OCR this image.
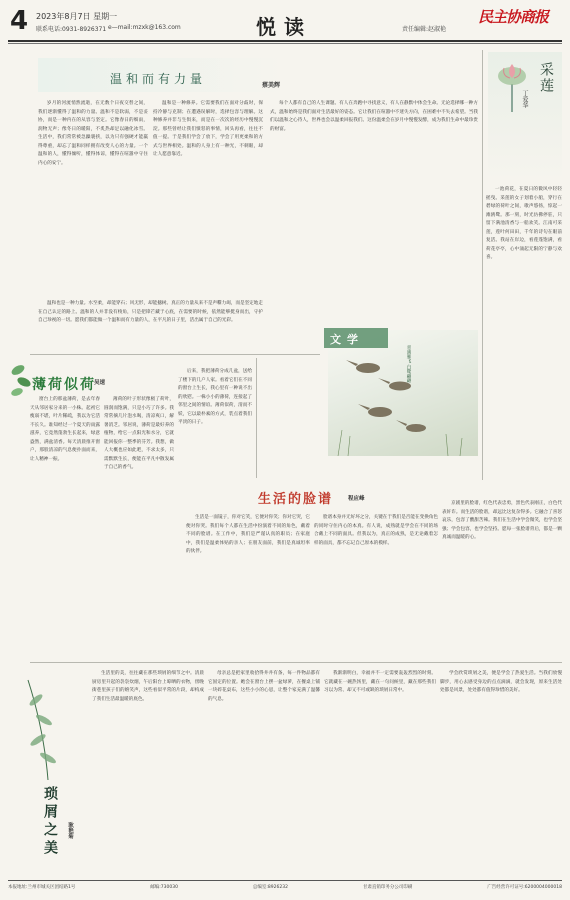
4 2023年8月7日 星期一
联系电话:0931-8926371 e—mail:mzxk@163.com	悦读	责任编辑:赵淑艳
民主协商报
温和而有力量	蔡美辉
岁月的河流悄然流逝，在无数个日夜交替之间，我们逐渐懂得了温和的力量。温和不是软弱，不是妥协，而是一种内在的从容与坚定。它像春日的细雨，润物无声；像冬日的暖阳，不炙热却足以融化冰雪。生活中，我们常常被急躁裹挟，以为只有强硬才能赢得尊重，却忘了温和同样拥有改变人心的力量。一个温和的人，懂得倾听，懂得体谅，懂得在喧嚣中守住内心的安宁。
温和是一种修养。它需要我们在面对分歧时，保持冷静与克制；在遭遇误解时，选择包容与理解。这种修养并非与生俱来，而是在一次次的经历中慢慢沉淀。那些曾经让我们愤怒的事情，回头再看，往往不值一提。于是我们学会了放下，学会了用更柔和的方式与世界相处。温和的人身上有一种光，不刺眼，却让人愿意靠近。
温和也是一种力量。水至柔，却能穿石；风无形，却能撼树。真正的力量从来不是声嘶力竭，而是坚定地走在自己认定的路上。温和的人并非没有棱角，只是把锋芒藏于心底，在需要的时候，依然能够挺身而出，守护自己珍视的一切。愿我们都能做一个温和而有力量的人，在平凡的日子里，活出属于自己的光彩。
每个人都有自己的人生课题。有人在奔跑中寻找意义，有人在静默中体会生命。无论选择哪一种方式，温和始终是我们面对生活最好的姿态。它让我们在喧嚣中不迷失方向，在困难中不失去希望。当我们以温和之心待人，世界也会以温柔回报我们。这份温柔会在岁月中慢慢发酵，成为我们生命中最珍贵的财富。
采莲
丁爱华
一池荷花，在夏日的微风中轻轻摇曳。采莲的女子划着小船，穿行在碧绿的荷叶之间，歌声悠扬，惊起一滩鸥鹭。那一刻，时光仿佛停驻，只留下满池清香与一船欢笑。江南可采莲，莲叶何田田，千年的诗句在眼前复活。我站在岸边，看莲蓬饱满，看荷花亭亭，心中涌起无限的宁静与欢喜。
薄荷似荷
吴速
窗台上的那盆薄荷，是去年春天从邻居家分来的一小株。起初它瘦弱不堪，叶片稀疏，我以为它活不长久。谁知经过一个夏天的雨露滋养，它竟然蓬勃生长起来，绿意盎然，满盆清香。每天清晨推开窗户，那股清凉的气息便扑面而来，让人精神一振。
薄荷的叶子形状像极了荷叶，圆润而饱满，只是小巧了许多。我常常摘几片泡水喝，清凉爽口，解暑消乏。邻居说，薄荷是最好养的植物，给它一点阳光和水分，它就能回报你一整季的芬芳。我想，做人大概也应如此吧，不求太多，只需默默生长，便能在平凡中散发属于自己的香气。
后来，我把薄荷分成几盆，送给了楼下的几户人家。看着它们在不同的窗台上生长，我心里有一种说不出的欣慰。一株小小的薄荷，连接起了邻里之间的情谊。薄荷似荷，清而不妖，它以最朴素的方式，装点着我们平淡的日子。
文学
青蒲雁飞 白鹭翩翩
生活的脸谱	程应峰
生活是一面镜子，你对它笑，它便对你笑；你对它哭，它便对你哭。我们每个人都在生活中扮演着不同的角色，戴着不同的脸谱。在工作中，我们是严谨认真的职员；在家庭中，我们是温柔体贴的亲人；在朋友面前，我们是真诚坦率的伙伴。
脸谱本身并无好坏之分，关键在于我们是否能在变换角色的同时守住内心的本真。有人说，成熟就是学会在不同的场合戴上不同的面具。但我以为，真正的成熟，是无论戴着怎样的面具，都不忘记自己原本的模样。
京剧里的脸谱，红色代表忠勇，黑色代表刚正，白色代表奸诈。而生活的脸谱，却远比这复杂得多。它融合了喜怒哀乐，包容了酸甜苦辣。我们在生活中学会微笑，也学会坚强；学会包容，也学会坚持。愿每一张脸谱背后，都是一颗真诚而温暖的心。
琐屑之美	耿艳菊
生活里的美，往往藏在那些琐屑的细节之中。清晨厨房里升起的袅袅炊烟，午后阳台上晾晒的衣物，傍晚街巷里孩子们的嬉笑声，这些看似平常的片段，却构成了我们生活最温暖的底色。
母亲总是把家里收拾得井井有条，每一件物品都有它固定的位置。她会在窗台上摆一盆绿萝，在餐桌上铺一块碎花桌布，这些小小的心思，让整个家充满了温馨的气息。
我渐渐明白，幸福并不一定需要轰轰烈烈的时刻。它就藏在一碗热汤里，藏在一句问候里，藏在那些我们习以为常、却又不可或缺的琐屑日常中。
学会欣赏琐屑之美，便是学会了热爱生活。当我们放慢脚步，用心去感受身边的点点滴滴，就会发现，原来生活处处都是风景，处处都有值得珍惜的美好。
本报地址:兰州市城关区团结路1号	邮编:730030	总编室:8926232	甘肃直销印务分公司印刷	广告经营许可证号:6200004000018
